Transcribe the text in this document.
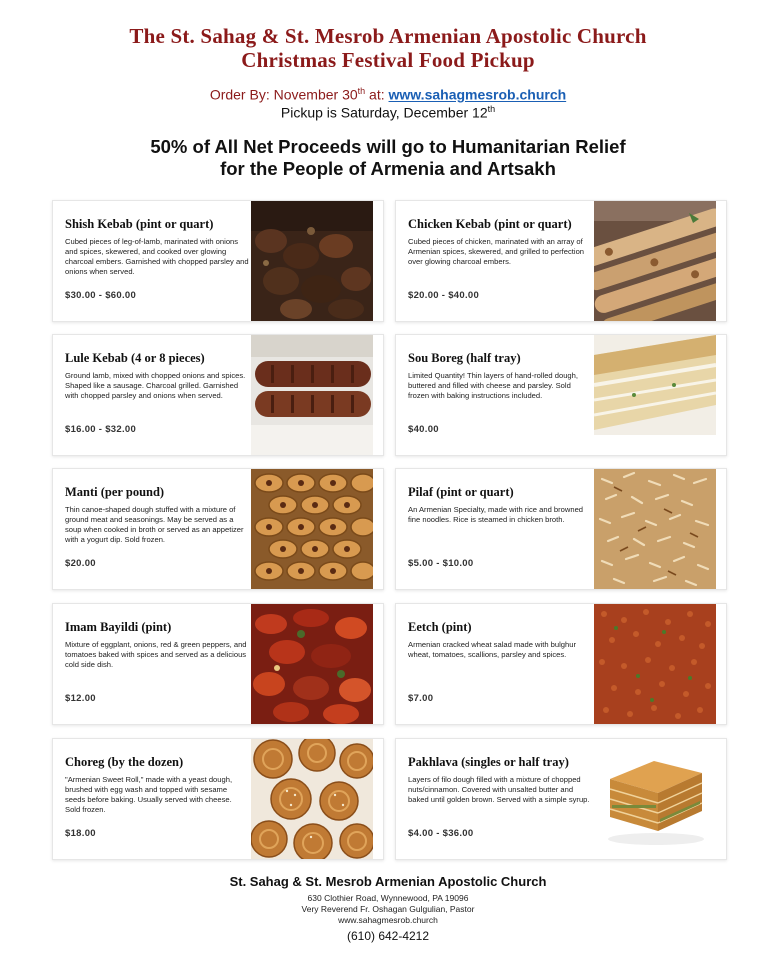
The St. Sahag & St. Mesrob Armenian Apostolic Church
Christmas Festival Food Pickup
Order By: November 30th at: www.sahagmesrob.church
Pickup is Saturday, December 12th
50% of All Net Proceeds will go to Humanitarian Relief
for the People of Armenia and Artsakh
Shish Kebab (pint or quart)
Cubed pieces of leg-of-lamb, marinated with onions and spices, skewered, and cooked over glowing charcoal embers. Garnished with chopped parsley and onions when served.
$30.00 - $60.00
Chicken Kebab (pint or quart)
Cubed pieces of chicken, marinated with an array of Armenian spices, skewered, and grilled to perfection over glowing charcoal embers.
$20.00 - $40.00
Lule Kebab (4 or 8 pieces)
Ground lamb, mixed with chopped onions and spices. Shaped like a sausage. Charcoal grilled. Garnished with chopped parsley and onions when served.
$16.00 - $32.00
Sou Boreg (half tray)
Limited Quantity! Thin layers of hand-rolled dough, buttered and filled with cheese and parsley. Sold frozen with baking instructions included.
$40.00
Manti (per pound)
Thin canoe-shaped dough stuffed with a mixture of ground meat and seasonings. May be served as a soup when cooked in broth or served as an appetizer with a yogurt dip. Sold frozen.
$20.00
Pilaf (pint or quart)
An Armenian Specialty, made with rice and browned fine noodles. Rice is steamed in chicken broth.
$5.00 - $10.00
Imam Bayildi (pint)
Mixture of eggplant, onions, red & green peppers, and tomatoes baked with spices and served as a delicious cold side dish.
$12.00
Eetch (pint)
Armenian cracked wheat salad made with bulghur wheat, tomatoes, scallions, parsley and spices.
$7.00
Choreg (by the dozen)
"Armenian Sweet Roll," made with a yeast dough, brushed with egg wash and topped with sesame seeds before baking. Usually served with cheese. Sold frozen.
$18.00
Pakhlava (singles or half tray)
Layers of filo dough filled with a mixture of chopped nuts/cinnamon. Covered with unsalted butter and baked until golden brown. Served with a simple syrup.
$4.00 - $36.00
St. Sahag & St. Mesrob Armenian Apostolic Church
630 Clothier Road, Wynnewood, PA 19096
Very Reverend Fr. Oshagan Gulgulian, Pastor
www.sahagmesrob.church
(610) 642-4212
